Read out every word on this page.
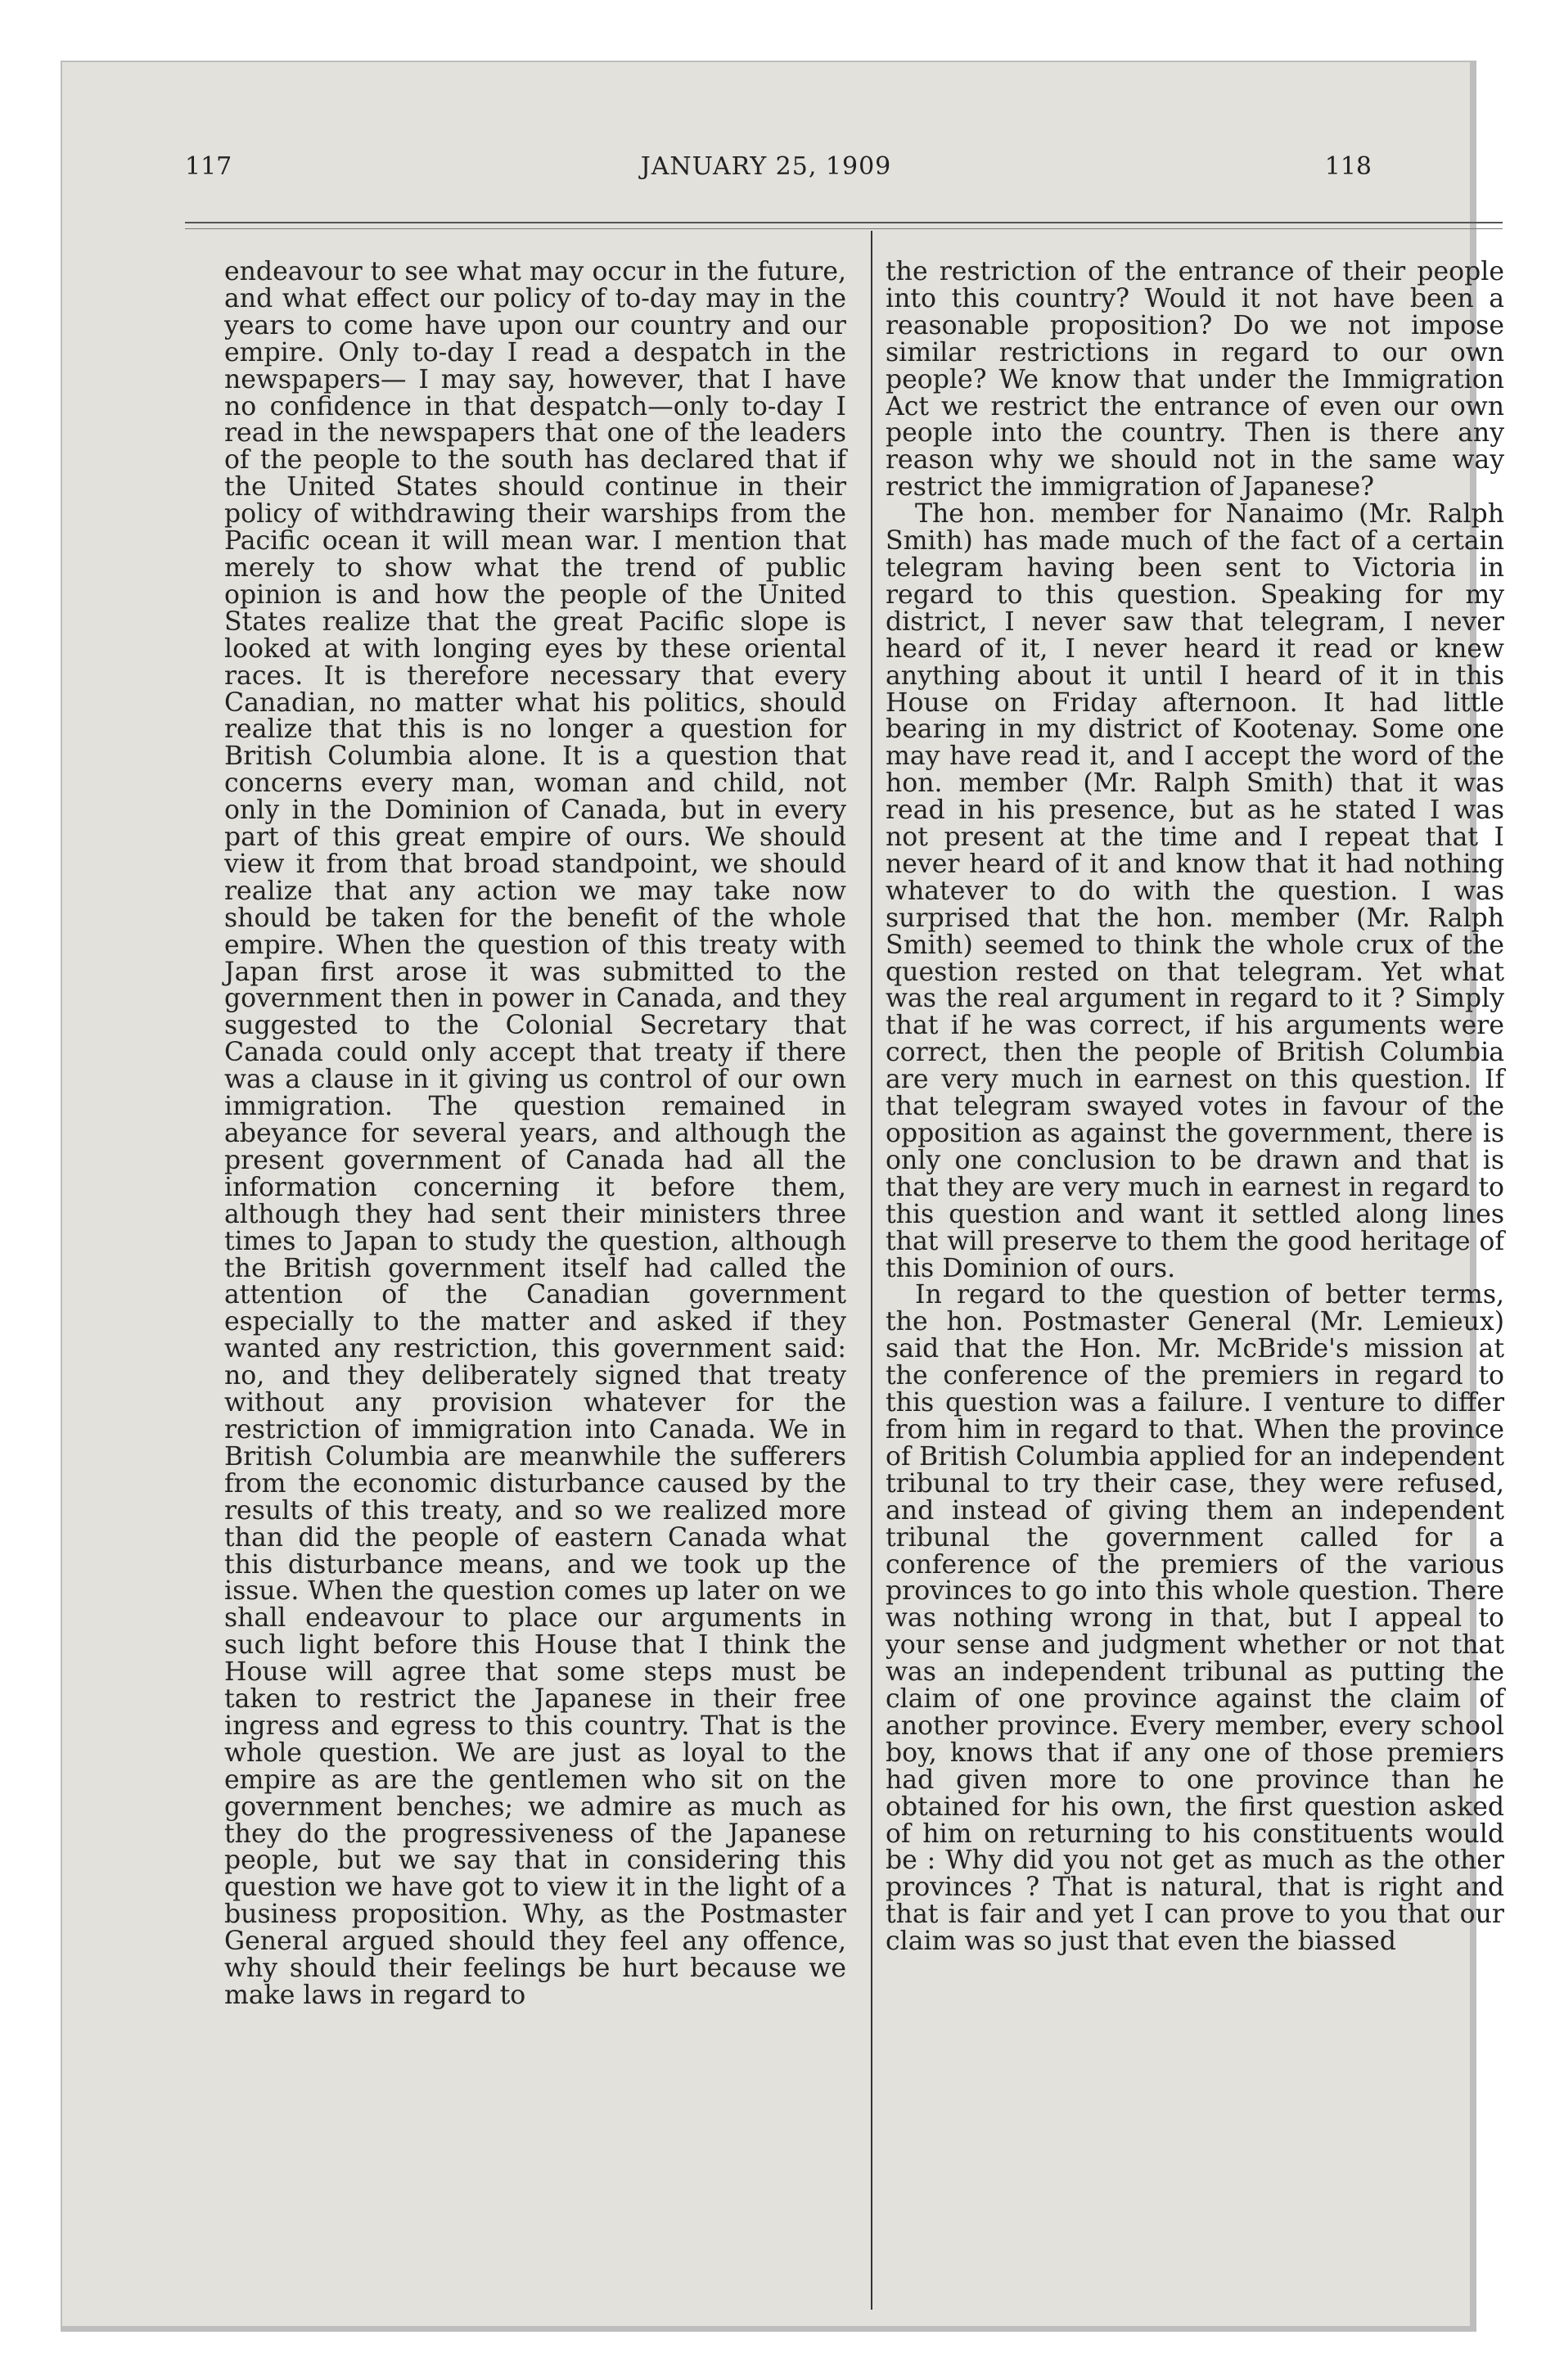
117	JANUARY 25, 1909	118

endeavour to see what may occur in the future, and what effect our policy of to-day may in the years to come have upon our country and our empire. Only to-day I read a despatch in the newspapers— I may say, however, that I have no confidence in that despatch—only to-day I read in the newspapers that one of the leaders of the people to the south has declared that if the United States should continue in their policy of withdrawing their warships from the Pacific ocean it will mean war. I mention that merely to show what the trend of public opinion is and how the people of the United States realize that the great Pacific slope is looked at with longing eyes by these oriental races. It is therefore necessary that every Canadian, no matter what his politics, should realize that this is no longer a question for British Columbia alone. It is a question that concerns every man, woman and child, not only in the Dominion of Canada, but in every part of this great empire of ours. We should view it from that broad standpoint, we should realize that any action we may take now should be taken for the benefit of the whole empire. When the question of this treaty with Japan first arose it was submitted to the government then in power in Canada, and they suggested to the Colonial Secretary that Canada could only accept that treaty if there was a clause in it giving us control of our own immigration. The question remained in abeyance for several years, and although the present government of Canada had all the information concerning it before them, although they had sent their ministers three times to Japan to study the question, although the British government itself had called the attention of the Canadian government especially to the matter and asked if they wanted any restriction, this government said: no, and they deliberately signed that treaty without any provision whatever for the restriction of immigration into Canada. We in British Columbia are meanwhile the sufferers from the economic disturbance caused by the results of this treaty, and so we realized more than did the people of eastern Canada what this disturbance means, and we took up the issue. When the question comes up later on we shall endeavour to place our arguments in such light before this House that I think the House will agree that some steps must be taken to restrict the Japanese in their free ingress and egress to this country. That is the whole question. We are just as loyal to the empire as are the gentlemen who sit on the government benches; we admire as much as they do the progressiveness of the Japanese people, but we say that in considering this question we have got to view it in the light of a business proposition. Why, as the Postmaster General argued should they feel any offence, why should their feelings be hurt because we make laws in regard to

the restriction of the entrance of their people into this country? Would it not have been a reasonable proposition? Do we not impose similar restrictions in regard to our own people? We know that under the Immigration Act we restrict the entrance of even our own people into the country. Then is there any reason why we should not in the same way restrict the immigration of Japanese?

The hon. member for Nanaimo (Mr. Ralph Smith) has made much of the fact of a certain telegram having been sent to Victoria in regard to this question. Speaking for my district, I never saw that telegram, I never heard of it, I never heard it read or knew anything about it until I heard of it in this House on Friday afternoon. It had little bearing in my district of Kootenay. Some one may have read it, and I accept the word of the hon. member (Mr. Ralph Smith) that it was read in his presence, but as he stated I was not present at the time and I repeat that I never heard of it and know that it had nothing whatever to do with the question. I was surprised that the hon. member (Mr. Ralph Smith) seemed to think the whole crux of the question rested on that telegram. Yet what was the real argument in regard to it ? Simply that if he was correct, if his arguments were correct, then the people of British Columbia are very much in earnest on this question. If that telegram swayed votes in favour of the opposition as against the government, there is only one conclusion to be drawn and that is that they are very much in earnest in regard to this question and want it settled along lines that will preserve to them the good heritage of this Dominion of ours.

In regard to the question of better terms, the hon. Postmaster General (Mr. Lemieux) said that the Hon. Mr. McBride's mission at the conference of the premiers in regard to this question was a failure. I venture to differ from him in regard to that. When the province of British Columbia applied for an independent tribunal to try their case, they were refused, and instead of giving them an independent tribunal the government called for a conference of the premiers of the various provinces to go into this whole question. There was nothing wrong in that, but I appeal to your sense and judgment whether or not that was an independent tribunal as putting the claim of one province against the claim of another province. Every member, every school boy, knows that if any one of those premiers had given more to one province than he obtained for his own, the first question asked of him on returning to his constituents would be : Why did you not get as much as the other provinces ? That is natural, that is right and that is fair and yet I can prove to you that our claim was so just that even the biassed
